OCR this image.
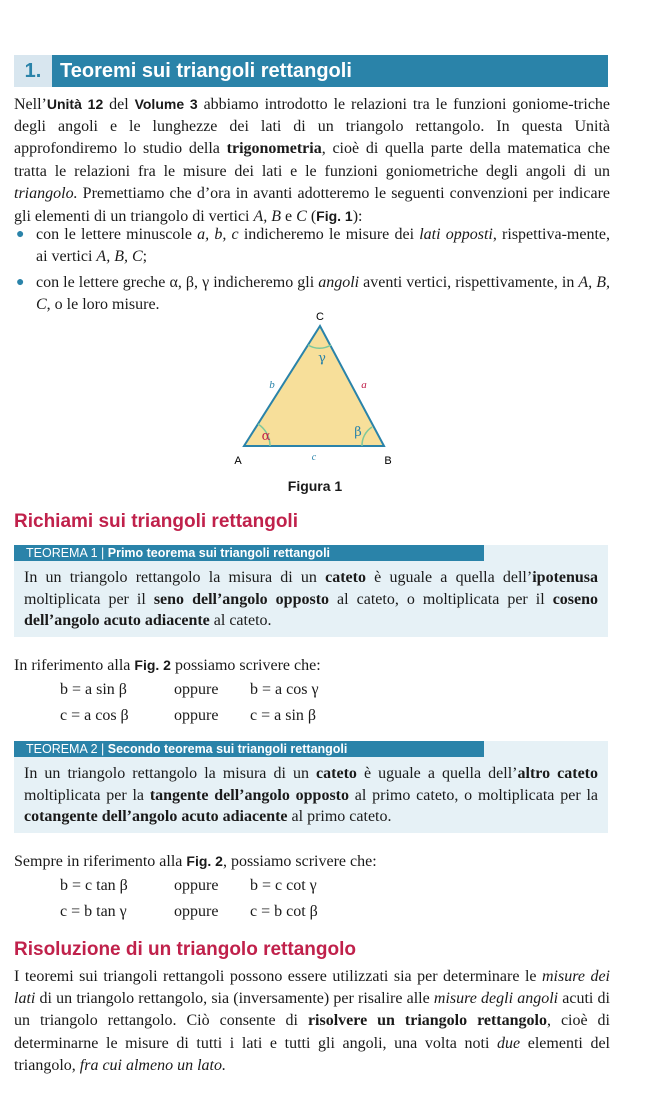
1. Teoremi sui triangoli rettangoli
Nell’Unità 12 del Volume 3 abbiamo introdotto le relazioni tra le funzioni goniome-triche degli angoli e le lunghezze dei lati di un triangolo rettangolo. In questa Unità approfondiremo lo studio della trigonometria, cioè di quella parte della matematica che tratta le relazioni fra le misure dei lati e le funzioni goniometriche degli angoli di un triangolo. Premettiamo che d’ora in avanti adotteremo le seguenti convenzioni per indicare gli elementi di un triangolo di vertici A, B e C (Fig. 1):
● con le lettere minuscole a, b, c indicheremo le misure dei lati opposti, rispettiva-mente, ai vertici A, B, C;
● con le lettere greche α, β, γ indicheremo gli angoli aventi vertici, rispettivamente, in A, B, C, o le loro misure.
C
A	B
b	a
c
α	β
γ
Figura 1
Richiami sui triangoli rettangoli
TEOREMA 1 | Primo teorema sui triangoli rettangoli
In un triangolo rettangolo la misura di un cateto è uguale a quella dell’ipotenusa moltiplicata per il seno dell’angolo opposto al cateto, o moltiplicata per il coseno dell’angolo acuto adiacente al cateto.
In riferimento alla Fig. 2 possiamo scrivere che:
b = a sin β	oppure b = a cos γ
c = a cos β	oppure c = a sin β
TEOREMA 2 | Secondo teorema sui triangoli rettangoli
In un triangolo rettangolo la misura di un cateto è uguale a quella dell’altro cateto moltiplicata per la tangente dell’angolo opposto al primo cateto, o moltiplicata per la cotangente dell’angolo acuto adiacente al primo cateto.
Sempre in riferimento alla Fig. 2, possiamo scrivere che:
b = c tan β	oppure b = c cot γ
c = b tan γ	oppure c = b cot β
Risoluzione di un triangolo rettangolo
I teoremi sui triangoli rettangoli possono essere utilizzati sia per determinare le misure dei lati di un triangolo rettangolo, sia (inversamente) per risalire alle misure degli angoli acuti di un triangolo rettangolo. Ciò consente di risolvere un triangolo rettangolo, cioè di determinarne le misure di tutti i lati e tutti gli angoli, una volta noti due elementi del triangolo, fra cui almeno un lato.
